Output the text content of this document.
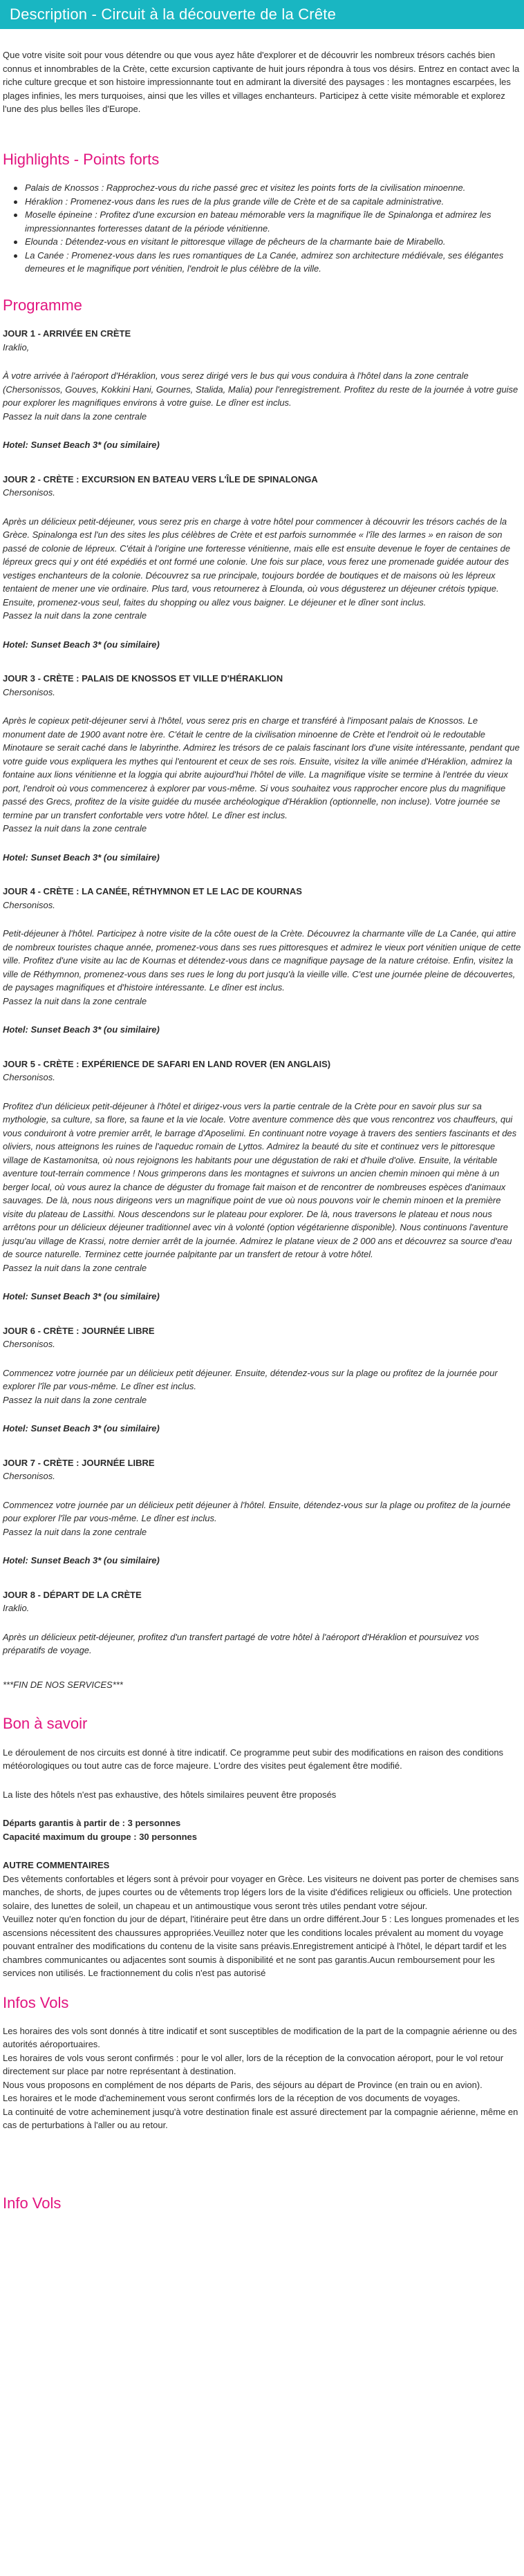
Description - Circuit à la découverte de la Crête

Que votre visite soit pour vous détendre ou que vous ayez hâte d'explorer et de découvrir les nombreux trésors cachés bien connus et innombrables de la Crète, cette excursion captivante de huit jours répondra à tous vos désirs. Entrez en contact avec la riche culture grecque et son histoire impressionnante tout en admirant la diversité des paysages : les montagnes escarpées, les plages infinies, les mers turquoises, ainsi que les villes et villages enchanteurs. Participez à cette visite mémorable et explorez l'une des plus belles îles d'Europe.

Highlights - Points forts
Palais de Knossos : Rapprochez-vous du riche passé grec et visitez les points forts de la civilisation minoenne.
Héraklion : Promenez-vous dans les rues de la plus grande ville de Crète et de sa capitale administrative.
Moselle épineine : Profitez d'une excursion en bateau mémorable vers la magnifique île de Spinalonga et admirez les impressionnantes forteresses datant de la période vénitienne.
Elounda : Détendez-vous en visitant le pittoresque village de pêcheurs de la charmante baie de Mirabello.
La Canée : Promenez-vous dans les rues romantiques de La Canée, admirez son architecture médiévale, ses élégantes demeures et le magnifique port vénitien, l'endroit le plus célèbre de la ville.
Programme
JOUR 1 - ARRIVÉE EN CRÈTE
Iraklio,
À votre arrivée à l'aéroport d'Héraklion, vous serez dirigé vers le bus qui vous conduira à l'hôtel dans la zone centrale (Chersonissos, Gouves, Kokkini Hani, Gournes, Stalida, Malia) pour l'enregistrement. Profitez du reste de la journée à votre guise pour explorer les magnifiques environs à votre guise. Le dîner est inclus.
Passez la nuit dans la zone centrale
Hotel: Sunset Beach 3* (ou similaire)
JOUR 2 - CRÈTE : EXCURSION EN BATEAU VERS L'ÎLE DE SPINALONGA
Chersonisos.
Après un délicieux petit-déjeuner, vous serez pris en charge à votre hôtel pour commencer à découvrir les trésors cachés de la Grèce. Spinalonga est l'un des sites les plus célèbres de Crète et est parfois surnommée « l'île des larmes » en raison de son passé de colonie de lépreux. C'était à l'origine une forteresse vénitienne, mais elle est ensuite devenue le foyer de centaines de lépreux grecs qui y ont été expédiés et ont formé une colonie. Une fois sur place, vous ferez une promenade guidée autour des vestiges enchanteurs de la colonie. Découvrez sa rue principale, toujours bordée de boutiques et de maisons où les lépreux tentaient de mener une vie ordinaire. Plus tard, vous retournerez à Elounda, où vous dégusterez un déjeuner crétois typique. Ensuite, promenez-vous seul, faites du shopping ou allez vous baigner. Le déjeuner et le dîner sont inclus.
Passez la nuit dans la zone centrale
Hotel: Sunset Beach 3* (ou similaire)
JOUR 3 - CRÈTE : PALAIS DE KNOSSOS ET VILLE D'HÉRAKLION
Chersonisos.
Après le copieux petit-déjeuner servi à l'hôtel, vous serez pris en charge et transféré à l'imposant palais de Knossos. Le monument date de 1900 avant notre ère. C'était le centre de la civilisation minoenne de Crète et l'endroit où le redoutable Minotaure se serait caché dans le labyrinthe. Admirez les trésors de ce palais fascinant lors d'une visite intéressante, pendant que votre guide vous expliquera les mythes qui l'entourent et ceux de ses rois. Ensuite, visitez la ville animée d'Héraklion, admirez la fontaine aux lions vénitienne et la loggia qui abrite aujourd'hui l'hôtel de ville. La magnifique visite se termine à l'entrée du vieux port, l'endroit où vous commencerez à explorer par vous-même. Si vous souhaitez vous rapprocher encore plus du magnifique passé des Grecs, profitez de la visite guidée du musée archéologique d'Héraklion (optionnelle, non incluse). Votre journée se termine par un transfert confortable vers votre hôtel. Le dîner est inclus.
Passez la nuit dans la zone centrale
Hotel: Sunset Beach 3* (ou similaire)
JOUR 4 - CRÈTE : LA CANÉE, RÉTHYMNON ET LE LAC DE KOURNAS
Chersonisos.
Petit-déjeuner à l'hôtel. Participez à notre visite de la côte ouest de la Crète. Découvrez la charmante ville de La Canée, qui attire de nombreux touristes chaque année, promenez-vous dans ses rues pittoresques et admirez le vieux port vénitien unique de cette ville. Profitez d'une visite au lac de Kournas et détendez-vous dans ce magnifique paysage de la nature crétoise. Enfin, visitez la ville de Réthymnon, promenez-vous dans ses rues le long du port jusqu'à la vieille ville. C'est une journée pleine de découvertes, de paysages magnifiques et d'histoire intéressante. Le dîner est inclus.
Passez la nuit dans la zone centrale
Hotel: Sunset Beach 3* (ou similaire)
JOUR 5 - CRÈTE : EXPÉRIENCE DE SAFARI EN LAND ROVER (EN ANGLAIS)
Chersonisos.
Profitez d'un délicieux petit-déjeuner à l'hôtel et dirigez-vous vers la partie centrale de la Crète pour en savoir plus sur sa mythologie, sa culture, sa flore, sa faune et la vie locale. Votre aventure commence dès que vous rencontrez vos chauffeurs, qui vous conduiront à votre premier arrêt, le barrage d'Aposelimi. En continuant notre voyage à travers des sentiers fascinants et des oliviers, nous atteignons les ruines de l'aqueduc romain de Lyttos. Admirez la beauté du site et continuez vers le pittoresque village de Kastamonitsa, où nous rejoignons les habitants pour une dégustation de raki et d'huile d'olive. Ensuite, la véritable aventure tout-terrain commence ! Nous grimperons dans les montagnes et suivrons un ancien chemin minoen qui mène à un berger local, où vous aurez la chance de déguster du fromage fait maison et de rencontrer de nombreuses espèces d'animaux sauvages. De là, nous nous dirigeons vers un magnifique point de vue où nous pouvons voir le chemin minoen et la première visite du plateau de Lassithi. Nous descendons sur le plateau pour explorer. De là, nous traversons le plateau et nous nous arrêtons pour un délicieux déjeuner traditionnel avec vin à volonté (option végétarienne disponible). Nous continuons l'aventure jusqu'au village de Krassi, notre dernier arrêt de la journée. Admirez le platane vieux de 2 000 ans et découvrez sa source d'eau de source naturelle. Terminez cette journée palpitante par un transfert de retour à votre hôtel.
Passez la nuit dans la zone centrale
Hotel: Sunset Beach 3* (ou similaire)
JOUR 6 - CRÈTE : JOURNÉE LIBRE
Chersonisos.
Commencez votre journée par un délicieux petit déjeuner. Ensuite, détendez-vous sur la plage ou profitez de la journée pour explorer l'île par vous-même. Le dîner est inclus.
Passez la nuit dans la zone centrale
Hotel: Sunset Beach 3* (ou similaire)
JOUR 7 - CRÈTE : JOURNÉE LIBRE
Chersonisos.
Commencez votre journée par un délicieux petit déjeuner à l'hôtel. Ensuite, détendez-vous sur la plage ou profitez de la journée pour explorer l'île par vous-même. Le dîner est inclus.
Passez la nuit dans la zone centrale
Hotel: Sunset Beach 3* (ou similaire)
JOUR 8 - DÉPART DE LA CRÈTE
Iraklio.
Après un délicieux petit-déjeuner, profitez d'un transfert partagé de votre hôtel à l'aéroport d'Héraklion et poursuivez vos préparatifs de voyage.
***FIN DE NOS SERVICES***
Bon à savoir

Le déroulement de nos circuits est donné à titre indicatif. Ce programme peut subir des modifications en raison des conditions météorologiques ou tout autre cas de force majeure. L'ordre des visites peut également être modifié.

La liste des hôtels n'est pas exhaustive, des hôtels similaires peuvent être proposés

Départs garantis à partir de : 3 personnes

Capacité maximum du groupe : 30 personnes

AUTRE COMMENTAIRES
Des vêtements confortables et légers sont à prévoir pour voyager en Grèce. Les visiteurs ne doivent pas porter de chemises sans manches, de shorts, de jupes courtes ou de vêtements trop légers lors de la visite d'édifices religieux ou officiels. Une protection solaire, des lunettes de soleil, un chapeau et un antimoustique vous seront très utiles pendant votre séjour.
Veuillez noter qu'en fonction du jour de départ, l'itinéraire peut être dans un ordre différent.Jour 5 : Les longues promenades et les ascensions nécessitent des chaussures appropriées.Veuillez noter que les conditions locales prévalent au moment du voyage pouvant entraîner des modifications du contenu de la visite sans préavis.Enregistrement anticipé à l'hôtel, le départ tardif et les chambres communicantes ou adjacentes sont soumis à disponibilité et ne sont pas garantis.Aucun remboursement pour les services non utilisés. Le fractionnement du colis n'est pas autorisé
Infos Vols
Les horaires des vols sont donnés à titre indicatif et sont susceptibles de modification de la part de la compagnie aérienne ou des autorités aéroportuaires.
Les horaires de vols vous seront confirmés : pour le vol aller, lors de la réception de la convocation aéroport, pour le vol retour directement sur place par notre représentant à destination.
Nous vous proposons en complément de nos départs de Paris, des séjours au départ de Province (en train ou en avion).
Les horaires et le mode d'acheminement vous seront confirmés lors de la réception de vos documents de voyages.
La continuité de votre acheminement jusqu'à votre destination finale est assuré directement par la compagnie aérienne, même en cas de perturbations à l'aller ou au retour.
Info Vols
